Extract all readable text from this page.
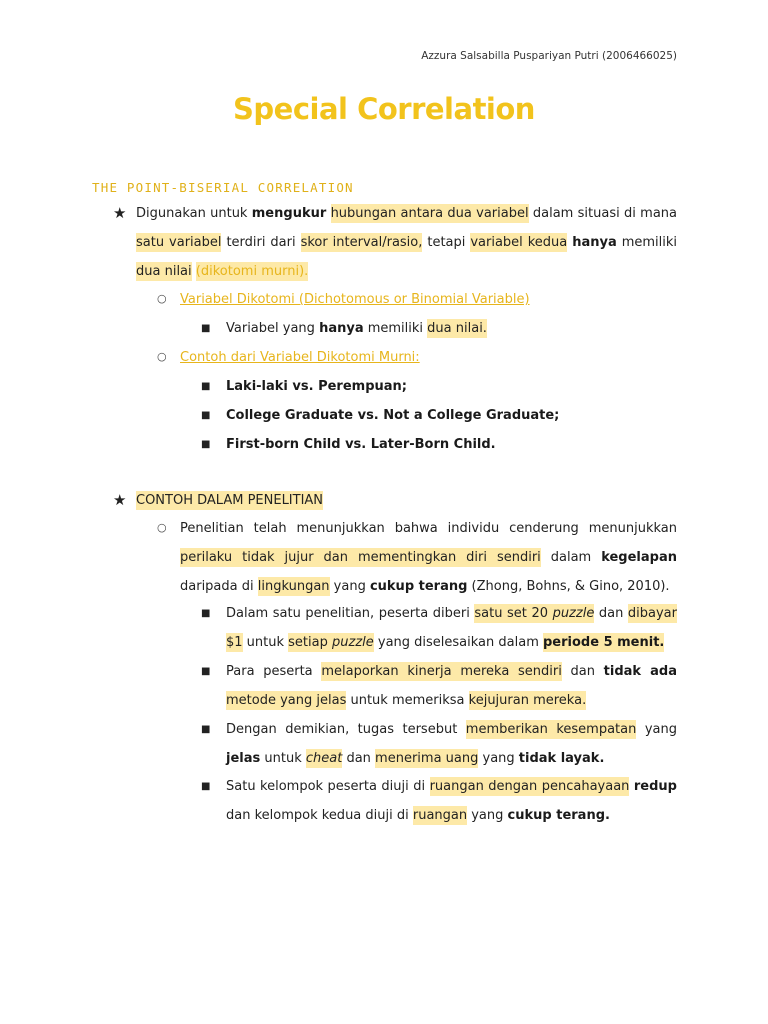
Azzura Salsabilla Puspariyan Putri (2006466025)
Special Correlation
THE POINT-BISERIAL CORRELATION
★ Digunakan untuk mengukur hubungan antara dua variabel dalam situasi di mana satu variabel terdiri dari skor interval/rasio, tetapi variabel kedua hanya memiliki dua nilai (dikotomi murni).
○	Variabel Dikotomi (Dichotomous or Binomial Variable)
■	Variabel yang hanya memiliki dua nilai.
○	Contoh dari Variabel Dikotomi Murni:
■	Laki-laki vs. Perempuan;
■	College Graduate vs. Not a College Graduate;
■	First-born Child vs. Later-Born Child.
★ CONTOH DALAM PENELITIAN
○	Penelitian telah menunjukkan bahwa individu cenderung menunjukkan perilaku tidak jujur dan mementingkan diri sendiri dalam kegelapan daripada di lingkungan yang cukup terang (Zhong, Bohns, & Gino, 2010).
■	Dalam satu penelitian, peserta diberi satu set 20 puzzle dan dibayar $1 untuk setiap puzzle yang diselesaikan dalam periode 5 menit.
■	Para peserta melaporkan kinerja mereka sendiri dan tidak ada metode yang jelas untuk memeriksa kejujuran mereka.
■	Dengan demikian, tugas tersebut memberikan kesempatan yang jelas untuk cheat dan menerima uang yang tidak layak.
■	Satu kelompok peserta diuji di ruangan dengan pencahayaan redup dan kelompok kedua diuji di ruangan yang cukup terang.
